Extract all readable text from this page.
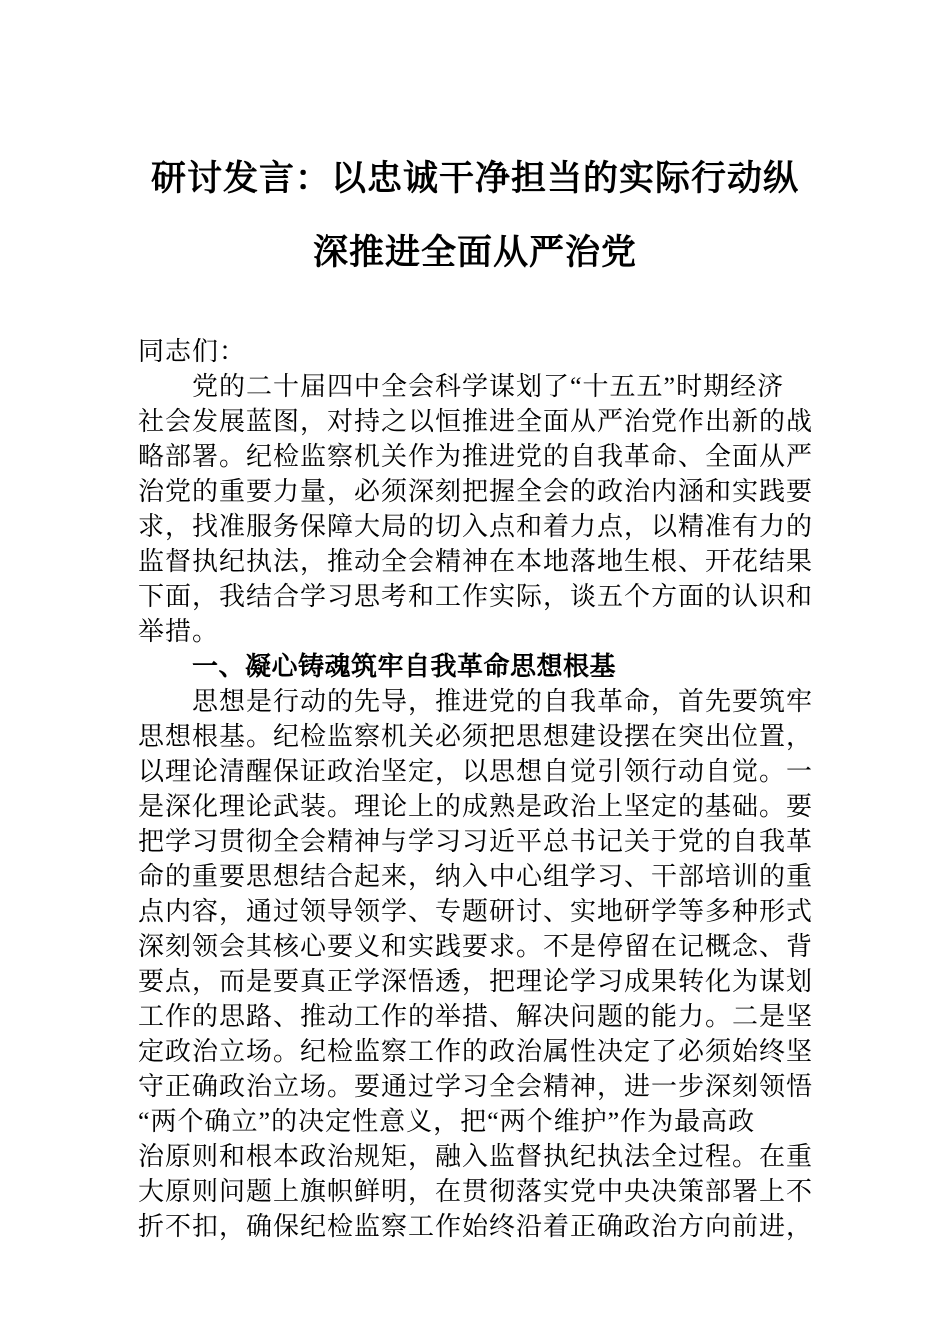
研讨发言：以忠诚干净担当的实际行动纵
深推进全面从严治党
同志们：
党的二十届四中全会科学谋划了“十五五”时期经济
社会发展蓝图，对持之以恒推进全面从严治党作出新的战
略部署。纪检监察机关作为推进党的自我革命、全面从严
治党的重要力量，必须深刻把握全会的政治内涵和实践要
求，找准服务保障大局的切入点和着力点，以精准有力的
监督执纪执法，推动全会精神在本地落地生根、开花结果
下面，我结合学习思考和工作实际，谈五个方面的认识和
举措。
一、凝心铸魂筑牢自我革命思想根基
思想是行动的先导，推进党的自我革命，首先要筑牢
思想根基。纪检监察机关必须把思想建设摆在突出位置，
以理论清醒保证政治坚定，以思想自觉引领行动自觉。一
是深化理论武装。理论上的成熟是政治上坚定的基础。要
把学习贯彻全会精神与学习习近平总书记关于党的自我革
命的重要思想结合起来，纳入中心组学习、干部培训的重
点内容，通过领导领学、专题研讨、实地研学等多种形式
深刻领会其核心要义和实践要求。不是停留在记概念、背
要点，而是要真正学深悟透，把理论学习成果转化为谋划
工作的思路、推动工作的举措、解决问题的能力。二是坚
定政治立场。纪检监察工作的政治属性决定了必须始终坚
守正确政治立场。要通过学习全会精神，进一步深刻领悟
“两个确立”的决定性意义，把“两个维护”作为最高政
治原则和根本政治规矩，融入监督执纪执法全过程。在重
大原则问题上旗帜鲜明，在贯彻落实党中央决策部署上不
折不扣，确保纪检监察工作始终沿着正确政治方向前进，
